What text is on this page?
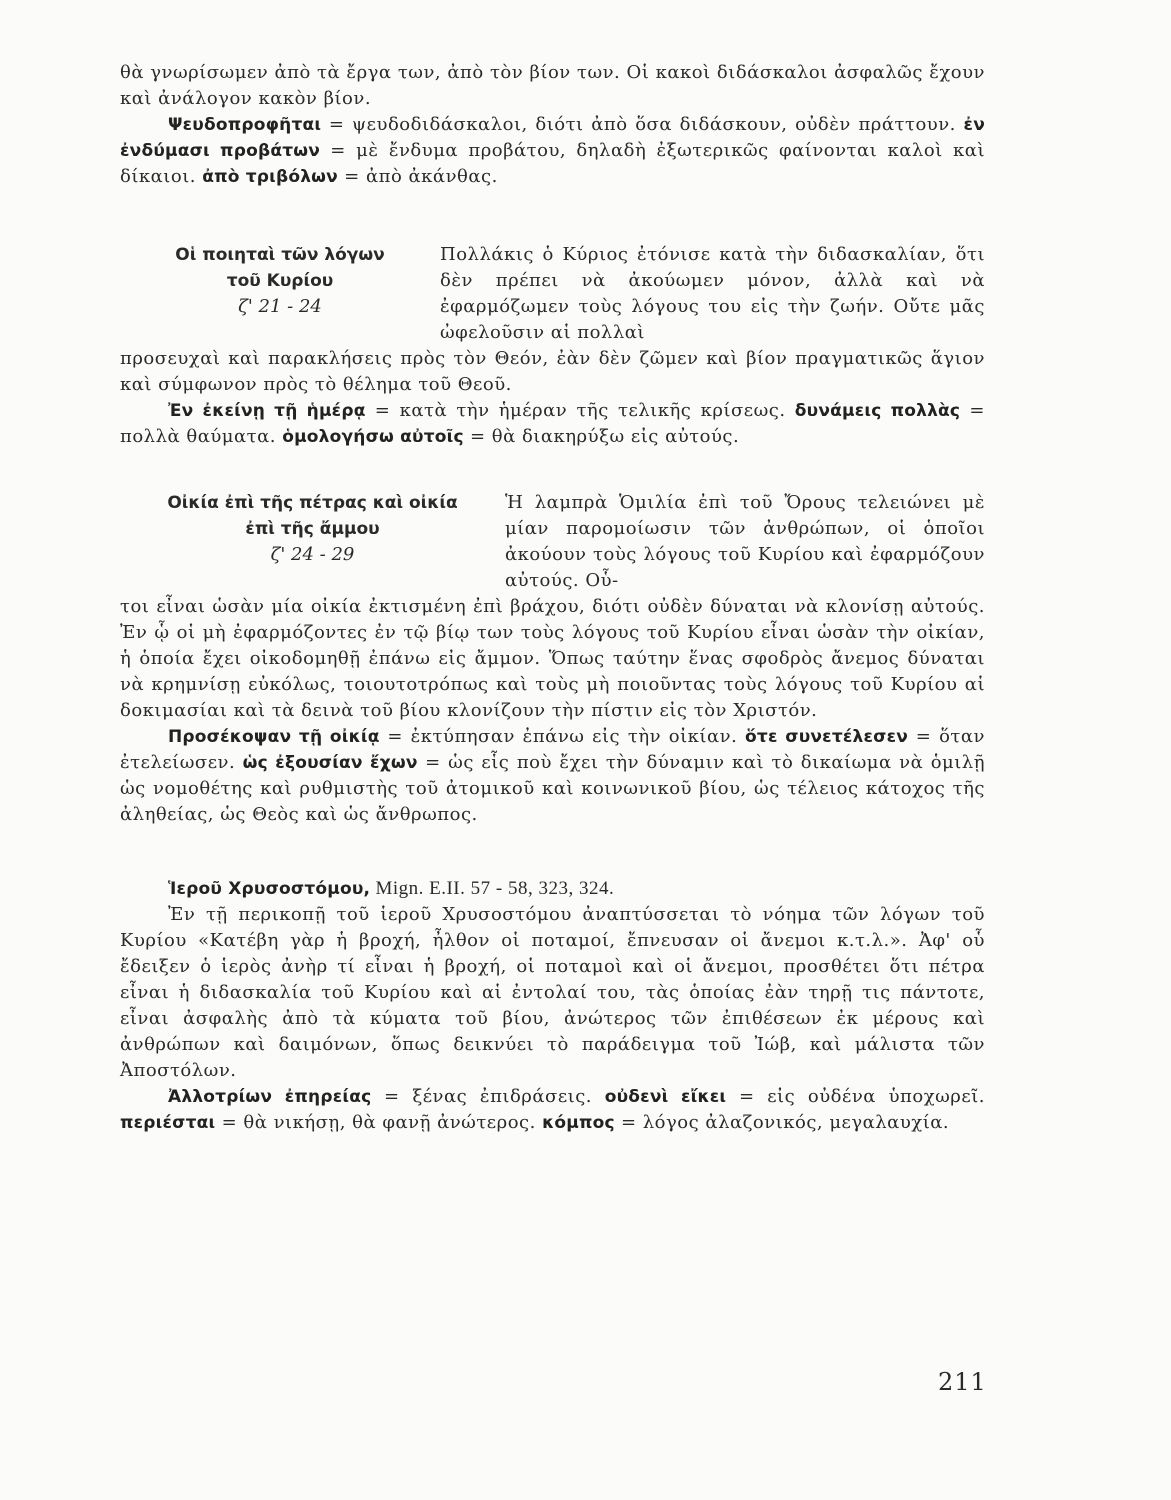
θὰ γνωρίσωμεν ἀπὸ τὰ ἔργα των, ἀπὸ τὸν βίον των. Οἱ κακοὶ διδάσκαλοι ἀσφαλῶς ἔχουν καὶ ἀνάλογον κακὸν βίον.

Ψευδοπροφῆται = ψευδοδιδάσκαλοι, διότι ἀπὸ ὅσα διδάσκουν, οὐδὲν πράττουν. ἐν ἐνδύμασι προβάτων = μὲ ἔνδυμα προβάτου, δηλαδὴ ἐξωτερικῶς φαίνονται καλοὶ καὶ δίκαιοι. ἀπὸ τριβόλων = ἀπὸ ἀκάνθας.

Οἱ ποιηταὶ τῶν λόγων
τοῦ Κυρίου
ζ' 21 - 24
Πολλάκις ὁ Κύριος ἐτόνισε κατὰ τὴν διδασκαλίαν, ὅτι δὲν πρέπει νὰ ἀκούωμεν μόνον, ἀλλὰ καὶ νὰ ἐφαρμόζωμεν τοὺς λόγους του εἰς τὴν ζωήν. Οὔτε μᾶς ὠφελοῦσιν αἱ πολλαὶ

προσευχαὶ καὶ παρακλήσεις πρὸς τὸν Θεόν, ἐὰν δὲν ζῶμεν καὶ βίον πραγματικῶς ἅγιον καὶ σύμφωνον πρὸς τὸ θέλημα τοῦ Θεοῦ.

Ἐν ἐκείνῃ τῇ ἡμέρᾳ = κατὰ τὴν ἡμέραν τῆς τελικῆς κρίσεως. δυνάμεις πολλὰς = πολλὰ θαύματα. ὁμολογήσω αὐτοῖς = θὰ διακηρύξω εἰς αὐτούς.

Οἰκία ἐπὶ τῆς πέτρας καὶ οἰκία
ἐπὶ τῆς ἄμμου
ζ' 24 - 29
Ἡ λαμπρὰ Ὁμιλία ἐπὶ τοῦ Ὄρους τελειώνει μὲ μίαν παρομοίωσιν τῶν ἀνθρώπων, οἱ ὁποῖοι ἀκούουν τοὺς λόγους τοῦ Κυρίου καὶ ἐφαρμόζουν αὐτούς. Οὗ-

τοι εἶναι ὡσὰν μία οἰκία ἐκτισμένη ἐπὶ βράχου, διότι οὐδὲν δύναται νὰ κλονίσῃ αὐτούς. Ἐν ᾧ οἱ μὴ ἐφαρμόζοντες ἐν τῷ βίῳ των τοὺς λόγους τοῦ Κυρίου εἶναι ὡσὰν τὴν οἰκίαν, ἡ ὁποία ἔχει οἰκοδομηθῇ ἐπάνω εἰς ἄμμον. Ὅπως ταύτην ἕνας σφοδρὸς ἄνεμος δύναται νὰ κρημνίσῃ εὐκόλως, τοιουτοτρόπως καὶ τοὺς μὴ ποιοῦντας τοὺς λόγους τοῦ Κυρίου αἱ δοκιμασίαι καὶ τὰ δεινὰ τοῦ βίου κλονίζουν τὴν πίστιν εἰς τὸν Χριστόν.

Προσέκοψαν τῇ οἰκίᾳ = ἐκτύπησαν ἐπάνω εἰς τὴν οἰκίαν. ὅτε συνετέλεσεν = ὅταν ἐτελείωσεν. ὡς ἐξουσίαν ἔχων = ὡς εἷς ποὺ ἔχει τὴν δύναμιν καὶ τὸ δικαίωμα νὰ ὁμιλῇ ὡς νομοθέτης καὶ ρυθμιστὴς τοῦ ἀτομικοῦ καὶ κοινωνικοῦ βίου, ὡς τέλειος κάτοχος τῆς ἀληθείας, ὡς Θεὸς καὶ ὡς ἄνθρωπος.

Ἱεροῦ Χρυσοστόμου, Mign. E.II. 57 - 58, 323, 324.

Ἐν τῇ περικοπῇ τοῦ ἱεροῦ Χρυσοστόμου ἀναπτύσσεται τὸ νόημα τῶν λόγων τοῦ Κυρίου «Κατέβη γὰρ ἡ βροχή, ἦλθον οἱ ποταμοί, ἔπνευσαν οἱ ἄνεμοι κ.τ.λ.». Ἀφ' οὗ ἔδειξεν ὁ ἱερὸς ἀνὴρ τί εἶναι ἡ βροχή, οἱ ποταμοὶ καὶ οἱ ἄνεμοι, προσθέτει ὅτι πέτρα εἶναι ἡ διδασκαλία τοῦ Κυρίου καὶ αἱ ἐντολαί του, τὰς ὁποίας ἐὰν τηρῇ τις πάντοτε, εἶναι ἀσφαλὴς ἀπὸ τὰ κύματα τοῦ βίου, ἀνώτερος τῶν ἐπιθέσεων ἐκ μέρους καὶ ἀνθρώπων καὶ δαιμόνων, ὅπως δεικνύει τὸ παράδειγμα τοῦ Ἰώβ, καὶ μάλιστα τῶν Ἀποστόλων.

Ἀλλοτρίων ἐπηρείας = ξένας ἐπιδράσεις. οὐδενὶ εἴκει = εἰς οὐδένα ὑποχωρεῖ. περιέσται = θὰ νικήσῃ, θὰ φανῇ ἀνώτερος. κόμπος = λόγος ἀλαζονικός, μεγαλαυχία.

211
